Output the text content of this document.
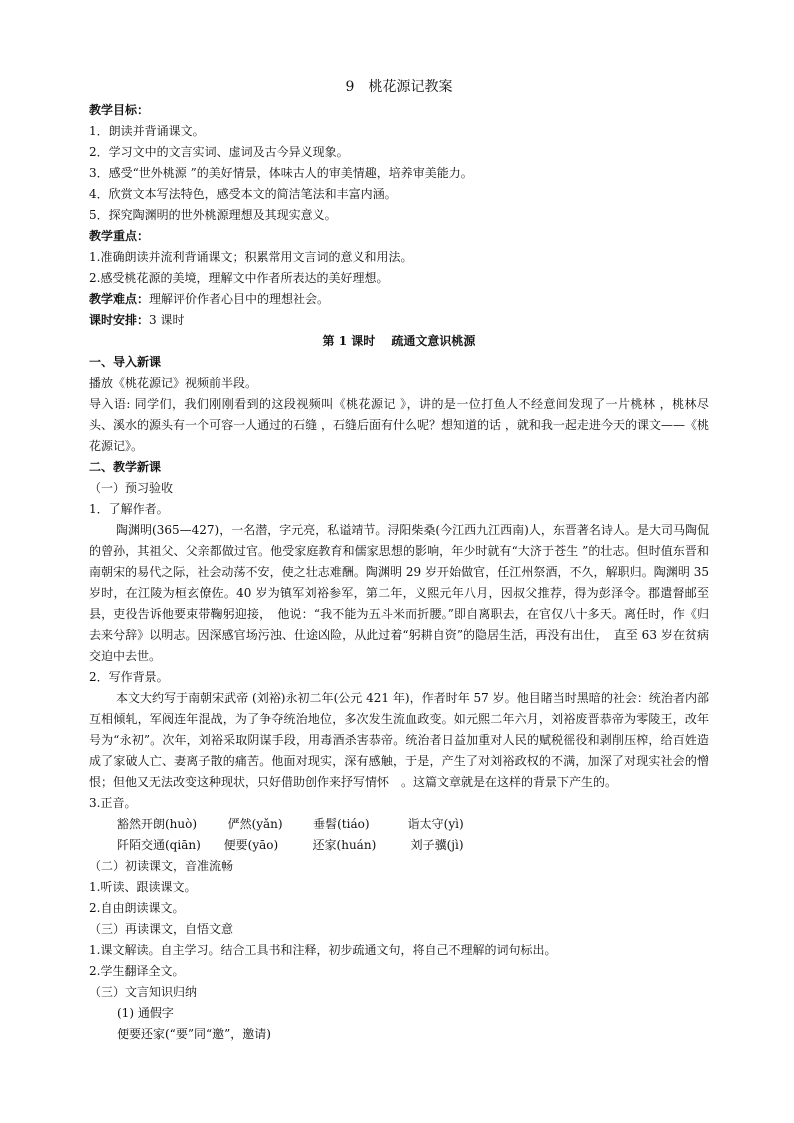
9　桃花源记教案
教学目标：
1．朗读并背诵课文。
2．学习文中的文言实词、虚词及古今异义现象。
3．感受“世外桃源 ”的美好情景，体味古人的审美情趣，培养审美能力。
4．欣赏文本写法特色，感受本文的简洁笔法和丰富内涵。
5．探究陶渊明的世外桃源理想及其现实意义。
教学重点：
1.准确朗读并流利背诵课文；积累常用文言词的意义和用法。
2.感受桃花源的美境，理解文中作者所表达的美好理想。
教学难点：理解评价作者心目中的理想社会。
课时安排：3 课时
第 1 课时　 疏通文意识桃源
一、导入新课
播放《桃花源记》视频前半段。
导入语: 同学们，我们刚刚看到的这段视频叫《桃花源记 》，讲的是一位打鱼人不经意间发现了一片桃林 ，桃林尽头、溪水的源头有一个可容一人通过的石缝 ，石缝后面有什么呢？想知道的话 ，就和我一起走进今天的课文——《桃花源记》。
二、教学新课
（一）预习验收
1．了解作者。
陶渊明(365—427)，一名潜，字元亮，私谥靖节。浔阳柴桑(今江西九江西南)人，东晋著名诗人。是大司马陶侃的曾孙，其祖父、父亲都做过官。他受家庭教育和儒家思想的影响，年少时就有“大济于苍生 ”的壮志。但时值东晋和南朝宋的易代之际，社会动荡不安，使之壮志难酬。陶渊明 29 岁开始做官，任江州祭酒，不久，解职归。陶渊明 35 岁时，在江陵为桓玄僚佐。40 岁为镇军刘裕参军，第二年，义熙元年八月，因叔父推荐，得为彭泽令。郡遣督邮至县，吏役告诉他要束带鞠躬迎接，　他说：“我不能为五斗米而折腰。”即自离职去，在官仅八十多天。离任时，作《归去来兮辞》以明志。因深感官场污浊、仕途凶险，从此过着“躬耕自资”的隐居生活，再没有出仕，　直至 63 岁在贫病交迫中去世。
2．写作背景。
本文大约写于南朝宋武帝 (刘裕)永初二年(公元 421 年)，作者时年 57 岁。他目睹当时黑暗的社会：统治者内部互相倾轧，军阀连年混战，为了争夺统治地位，多次发生流血政变。如元熙二年六月，刘裕废晋恭帝为零陵王，改年号为“永初”。次年，刘裕采取阴谋手段，用毒酒杀害恭帝。统治者日益加重对人民的赋税徭役和剥削压榨，给百姓造成了家破人亡、妻离子散的痛苦。他面对现实，深有感触，于是，产生了对刘裕政权的不满，加深了对现实社会的憎恨；但他又无法改变这种现状，只好借助创作来抒写情怀　。这篇文章就是在这样的背景下产生的。
3.正音。
豁然开朗(huò)	俨然(yǎn)	垂髫(tiáo)	诣太守(yì)
阡陌交通(qiān) 便要(yāo)	还家(huán)	刘子骥(jì)
（二）初读课文，音准流畅
1.听读、跟读课文。
2.自由朗读课文。
（三）再读课文，自悟文意
1.课文解读。自主学习。结合工具书和注释，初步疏通文句，将自己不理解的词句标出。
2.学生翻译全文。
（三）文言知识归纳
(1) 通假字
便要还家(“要”同“邀”，邀请)
